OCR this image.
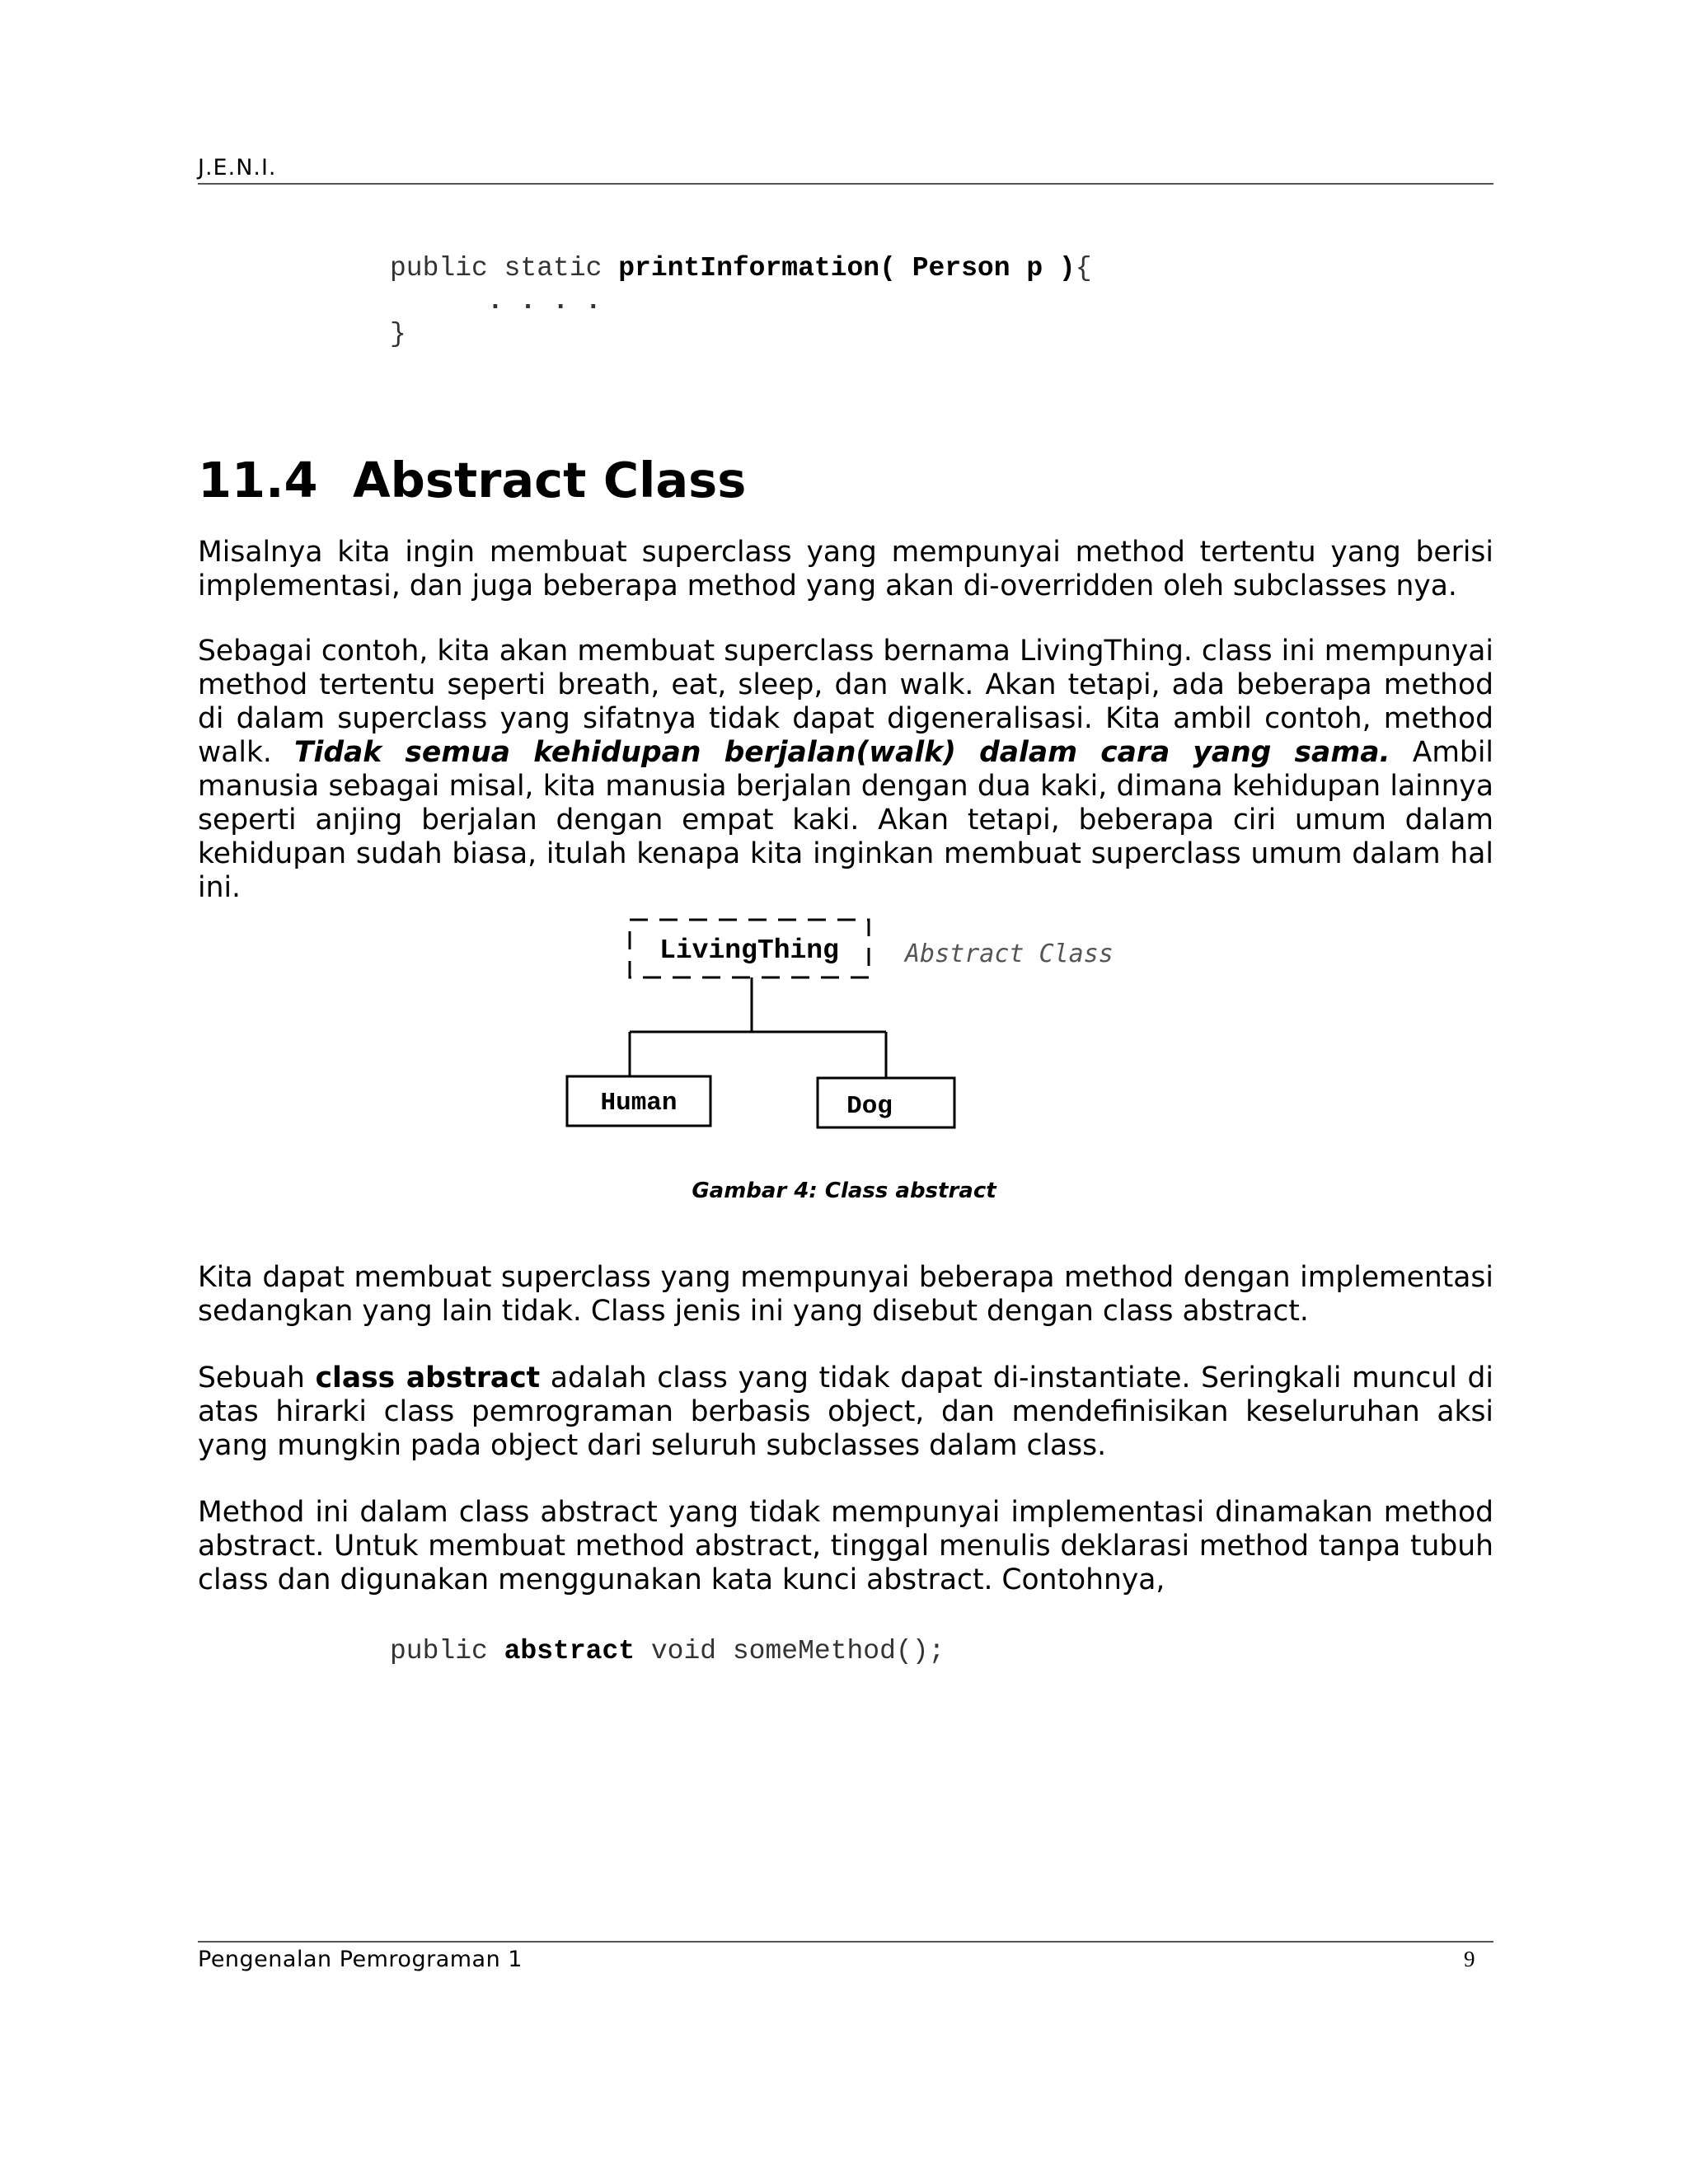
J.E.N.I.
public static printInformation( Person p ){
. . . .
}
11.4 Abstract Class

Misalnya kita ingin membuat superclass yang mempunyai method tertentu yang berisi implementasi, dan juga beberapa method yang akan di-overridden oleh subclasses nya.

Sebagai contoh, kita akan membuat superclass bernama LivingThing. class ini mempunyai method tertentu seperti breath, eat, sleep, dan walk. Akan tetapi, ada beberapa method di dalam superclass yang sifatnya tidak dapat digeneralisasi. Kita ambil contoh, method walk. Tidak semua kehidupan berjalan(walk) dalam cara yang sama. Ambil manusia sebagai misal, kita manusia berjalan dengan dua kaki, dimana kehidupan lainnya seperti anjing berjalan dengan empat kaki. Akan tetapi, beberapa ciri umum dalam kehidupan sudah biasa, itulah kenapa kita inginkan membuat superclass umum dalam hal ini.

LivingThing	Abstract Class
Human	Dog
Gambar 4: Class abstract

Kita dapat membuat superclass yang mempunyai beberapa method dengan implementasi sedangkan yang lain tidak. Class jenis ini yang disebut dengan class abstract.

Sebuah class abstract adalah class yang tidak dapat di-instantiate. Seringkali muncul di atas hirarki class pemrograman berbasis object, dan mendefinisikan keseluruhan aksi yang mungkin pada object dari seluruh subclasses dalam class.

Method ini dalam class abstract yang tidak mempunyai implementasi dinamakan method abstract. Untuk membuat method abstract, tinggal menulis deklarasi method tanpa tubuh class dan digunakan menggunakan kata kunci abstract. Contohnya,

public abstract void someMethod();
Pengenalan Pemrograman 1	9
